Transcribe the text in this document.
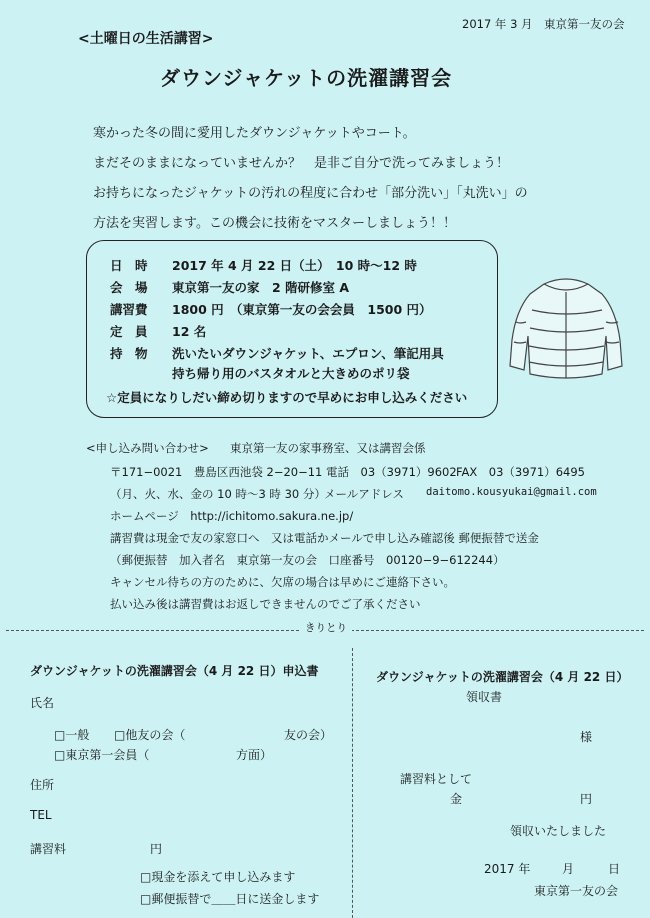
<土曜日の生活講習>
2017 年 3 月　東京第一友の会
ダウンジャケットの洗濯講習会
寒かった冬の間に愛用したダウンジャケットやコート。
まだそのままになっていませんか？　是非ご自分で洗ってみましょう！
お持ちになったジャケットの汚れの程度に合わせ「部分洗い」「丸洗い」の
方法を実習します。この機会に技術をマスターしましょう！！
日　時 2017 年 4 月 22 日（土）　10 時〜12 時
会　場 東京第一友の家　2 階研修室 A
講習費 1800 円　（東京第一友の会会員　1500 円）
定　員 12 名
持　物 洗いたいダウンジャケット、エプロン、筆記用具
持ち帰り用のバスタオルと大きめのポリ袋
☆定員になりしだい締め切りますので早めにお申し込みください
<申し込み問い合わせ> 東京第一友の家事務室、又は講習会係
〒171−0021　豊島区西池袋 2−20−11 電話　03（3971）9602 FAX　03（3971）6495
（月、火、水、金の 10 時〜3 時 30 分）
メールアドレス daitomo.kousyukai@gmail.com
ホームページ　http://ichitomo.sakura.ne.jp/
講習費は現金で友の家窓口へ　又は電話かメールで申し込み確認後 郵便振替で送金
（郵便振替　加入者名　東京第一友の会　口座番号　00120−9−612244）
キャンセル待ちの方のために、欠席の場合は早めにご連絡下さい。
払い込み後は講習費はお返しできませんのでご了承ください
きりとり
ダウンジャケットの洗濯講習会（4 月 22 日）申込書
氏名
□一般 □他友の会（	友の会）
□東京第一会員（	方面）
住所
TEL
講習料	円
□現金を添えて申し込みます
□郵便振替で＿＿日に送金します
ダウンジャケットの洗濯講習会（4 月 22 日）
領収書
様
講習料として
金	円
領収いたしました
2017 年	月	日
東京第一友の会
